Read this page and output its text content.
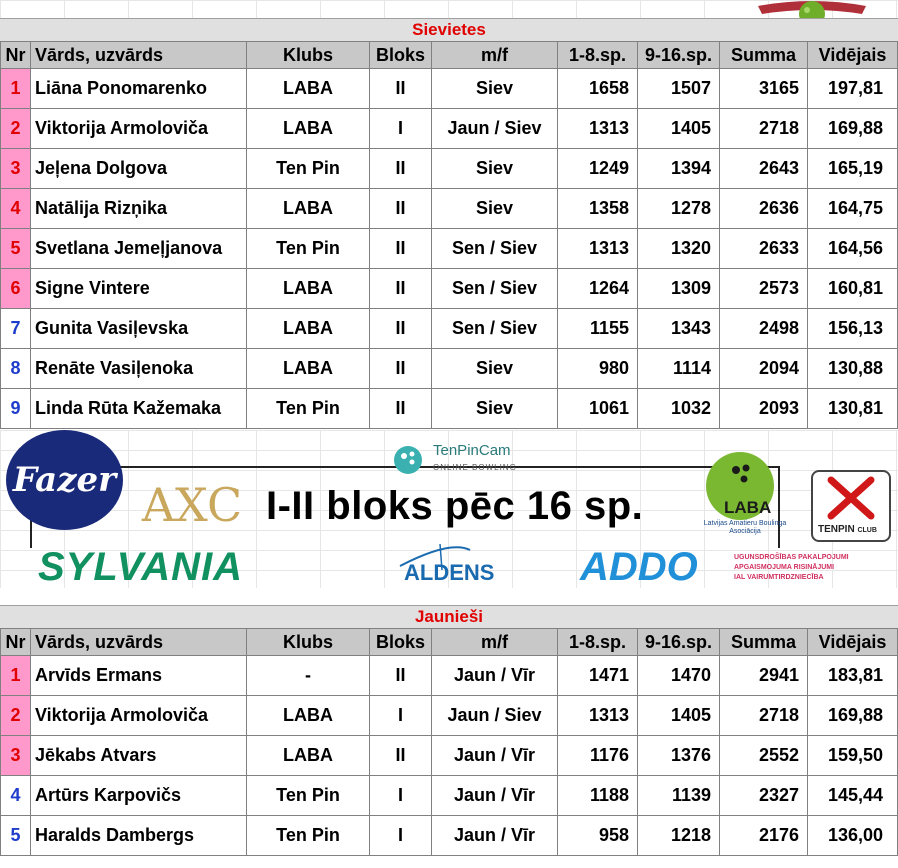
Sievietes
Nr	Vārds, uzvārds	Klubs	Bloks	m/f	1-8.sp.	9-16.sp.	Summa	Vidējais
1	Liāna Ponomarenko	LABA	II	Siev	1658	1507	3165	197,81
2	Viktorija Armoloviča	LABA	I	Jaun / Siev	1313	1405	2718	169,88
3	Jeļena Dolgova	Ten Pin	II	Siev	1249	1394	2643	165,19
4	Natālija Rizņika	LABA	II	Siev	1358	1278	2636	164,75
5	Svetlana Jemeļjanova	Ten Pin	II	Sen / Siev	1313	1320	2633	164,56
6	Signe Vintere	LABA	II	Sen / Siev	1264	1309	2573	160,81
7	Gunita Vasiļevska	LABA	II	Sen / Siev	1155	1343	2498	156,13
8	Renāte Vasiļenoka	LABA	II	Siev	980	1114	2094	130,88
9	Linda Rūta Kažemaka	Ten Pin	II	Siev	1061	1032	2093	130,81
Fazer AXC
TenPinCam
ONLINE BOWLING
I-II bloks pēc 16 sp.	LABA
Latvijas Amatieru Boulinga Asociācija	TENPIN CLUB
SYLVANIA	ALDENS ADDO	UGUNSDROŠĪBAS PAKALPOJUMI
APGAISMOJUMA RISINĀJUMI
IAL VAIRUMTIRDZNIECĪBA
Jaunieši
Nr	Vārds, uzvārds	Klubs	Bloks	m/f	1-8.sp.	9-16.sp.	Summa	Vidējais
1	Arvīds Ermans	-	II	Jaun / Vīr	1471	1470	2941	183,81
2	Viktorija Armoloviča	LABA	I	Jaun / Siev	1313	1405	2718	169,88
3	Jēkabs Atvars	LABA	II	Jaun / Vīr	1176	1376	2552	159,50
4	Artūrs Karpovičs	Ten Pin	I	Jaun / Vīr	1188	1139	2327	145,44
5	Haralds Dambergs	Ten Pin	I	Jaun / Vīr	958	1218	2176	136,00
